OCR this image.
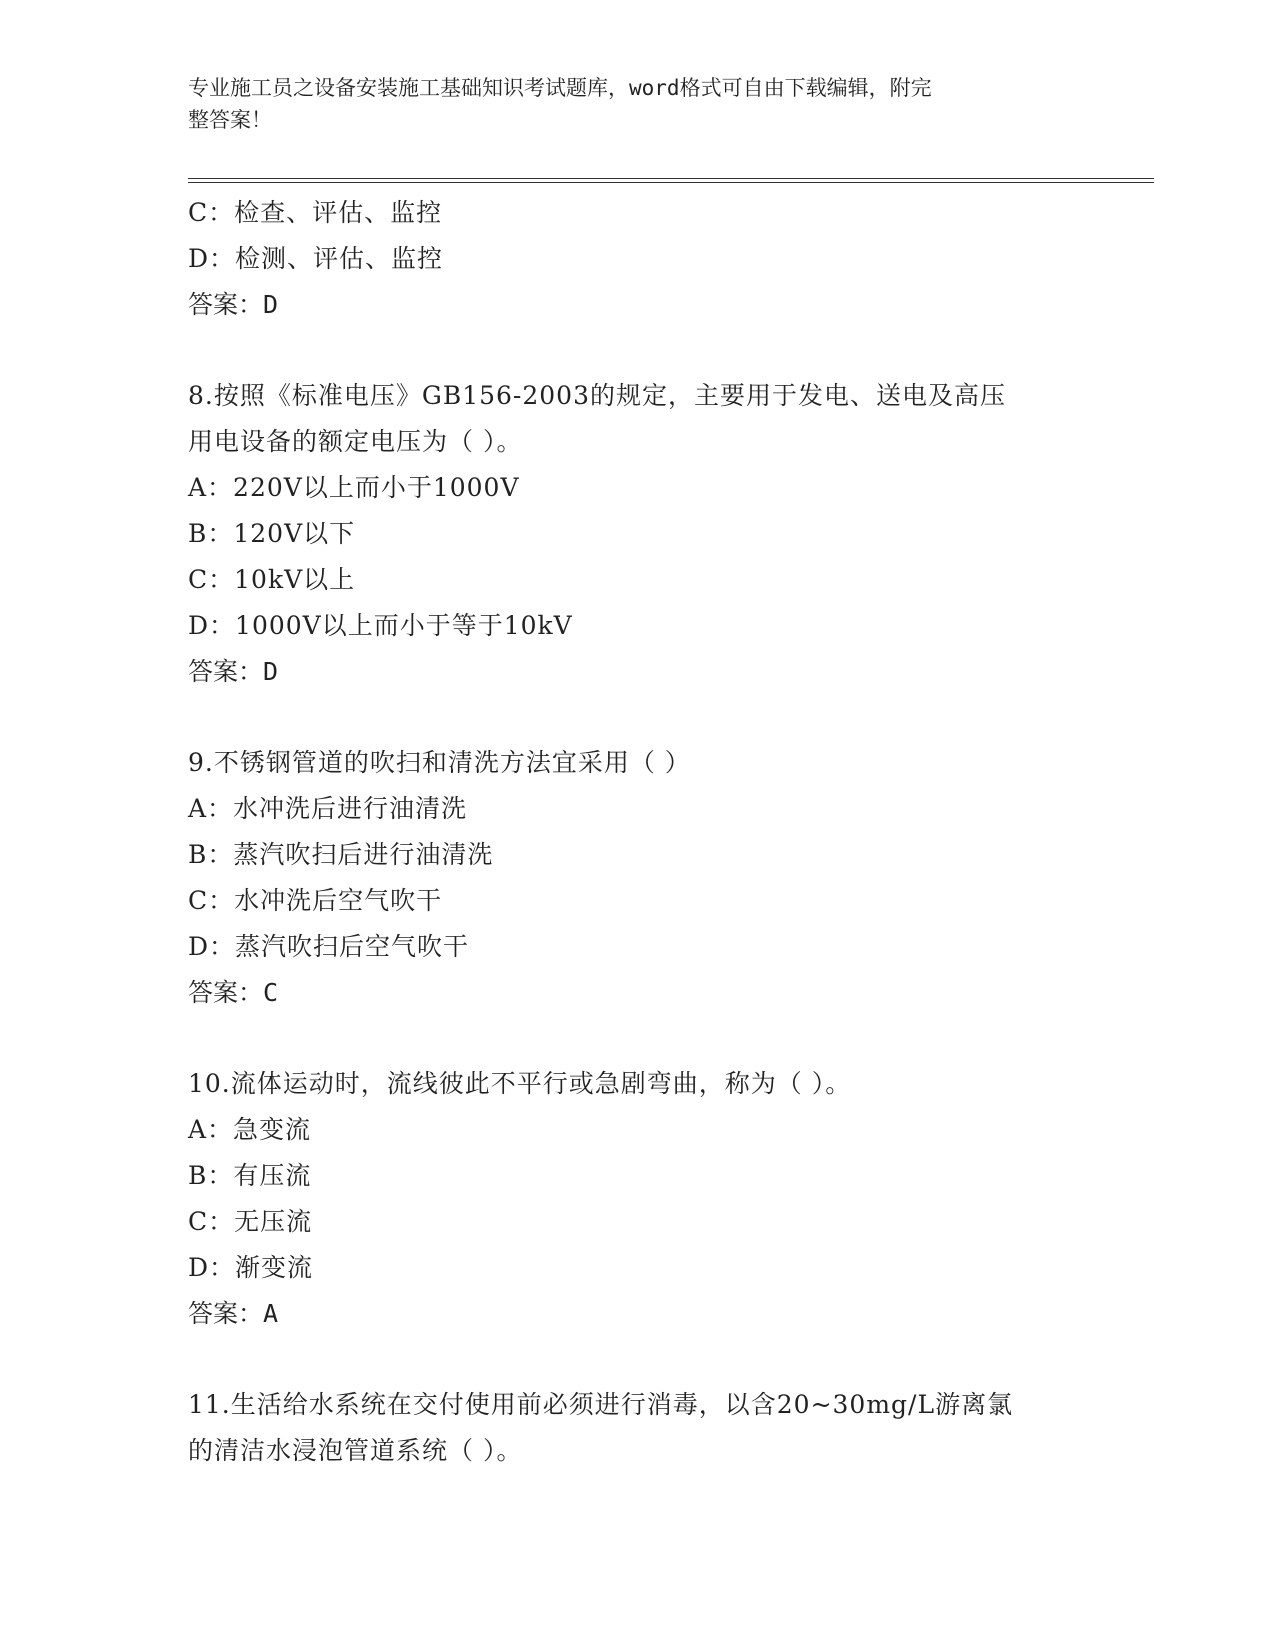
专业施工员之设备安装施工基础知识考试题库，word格式可自由下载编辑，附完
整答案！
C：检查、评估、监控
D：检测、评估、监控
答案：D
8.按照《标准电压》GB156-2003的规定，主要用于发电、送电及高压
用电设备的额定电压为（ ）。
A：220V以上而小于1000V
B：120V以下
C：10kV以上
D：1000V以上而小于等于10kV
答案：D
9.不锈钢管道的吹扫和清洗方法宜采用（ ）
A：水冲洗后进行油清洗
B：蒸汽吹扫后进行油清洗
C：水冲洗后空气吹干
D：蒸汽吹扫后空气吹干
答案：C
10.流体运动时，流线彼此不平行或急剧弯曲，称为（ ）。
A：急变流
B：有压流
C：无压流
D：渐变流
答案：A
11.生活给水系统在交付使用前必须进行消毒，以含20~30mg/L游离氯
的清洁水浸泡管道系统（ ）。
